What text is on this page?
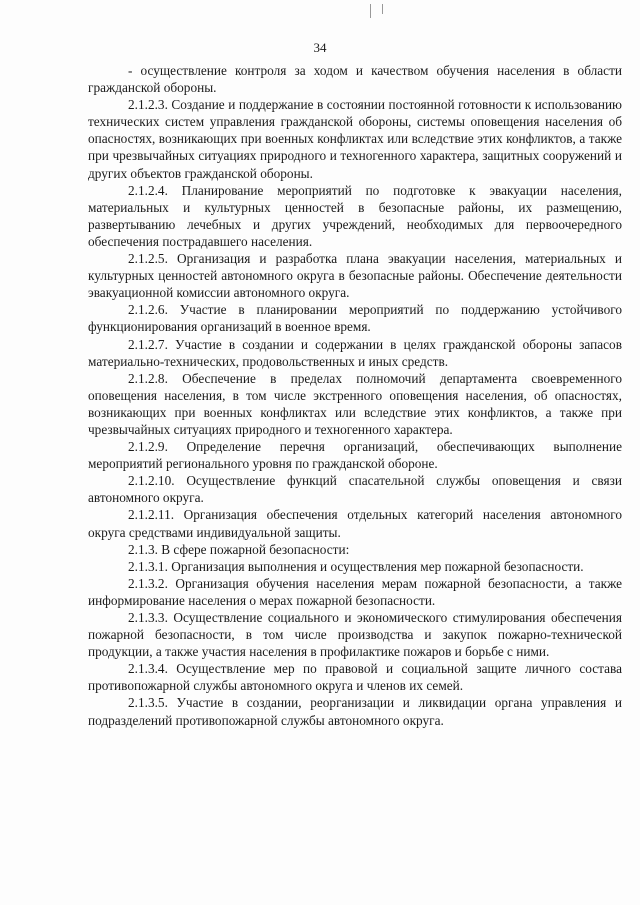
34

- осуществление контроля за ходом и качеством обучения населения в области гражданской обороны.

2.1.2.3. Создание и поддержание в состоянии постоянной готовности к использованию технических систем управления гражданской обороны, системы оповещения населения об опасностях, возникающих при военных конфликтах или вследствие этих конфликтов, а также при чрезвычайных ситуациях природного и техногенного характера, защитных сооружений и других объектов гражданской обороны.

2.1.2.4. Планирование мероприятий по подготовке к эвакуации населения, материальных и культурных ценностей в безопасные районы, их размещению, развертыванию лечебных и других учреждений, необходимых для первоочередного обеспечения пострадавшего населения.

2.1.2.5. Организация и разработка плана эвакуации населения, материальных и культурных ценностей автономного округа в безопасные районы. Обеспечение деятельности эвакуационной комиссии автономного округа.

2.1.2.6. Участие в планировании мероприятий по поддержанию устойчивого функционирования организаций в военное время.

2.1.2.7. Участие в создании и содержании в целях гражданской обороны запасов материально-технических, продовольственных и иных средств.

2.1.2.8. Обеспечение в пределах полномочий департамента своевременного оповещения населения, в том числе экстренного оповещения населения, об опасностях, возникающих при военных конфликтах или вследствие этих конфликтов, а также при чрезвычайных ситуациях природного и техногенного характера.

2.1.2.9. Определение перечня организаций, обеспечивающих выполнение мероприятий регионального уровня по гражданской обороне.

2.1.2.10. Осуществление функций спасательной службы оповещения и связи автономного округа.

2.1.2.11. Организация обеспечения отдельных категорий населения автономного округа средствами индивидуальной защиты.

2.1.3. В сфере пожарной безопасности:

2.1.3.1. Организация выполнения и осуществления мер пожарной безопасности.

2.1.3.2. Организация обучения населения мерам пожарной безопасности, а также информирование населения о мерах пожарной безопасности.

2.1.3.3. Осуществление социального и экономического стимулирования обеспечения пожарной безопасности, в том числе производства и закупок пожарно-технической продукции, а также участия населения в профилактике пожаров и борьбе с ними.

2.1.3.4. Осуществление мер по правовой и социальной защите личного состава противопожарной службы автономного округа и членов их семей.

2.1.3.5. Участие в создании, реорганизации и ликвидации органа управления и подразделений противопожарной службы автономного округа.
